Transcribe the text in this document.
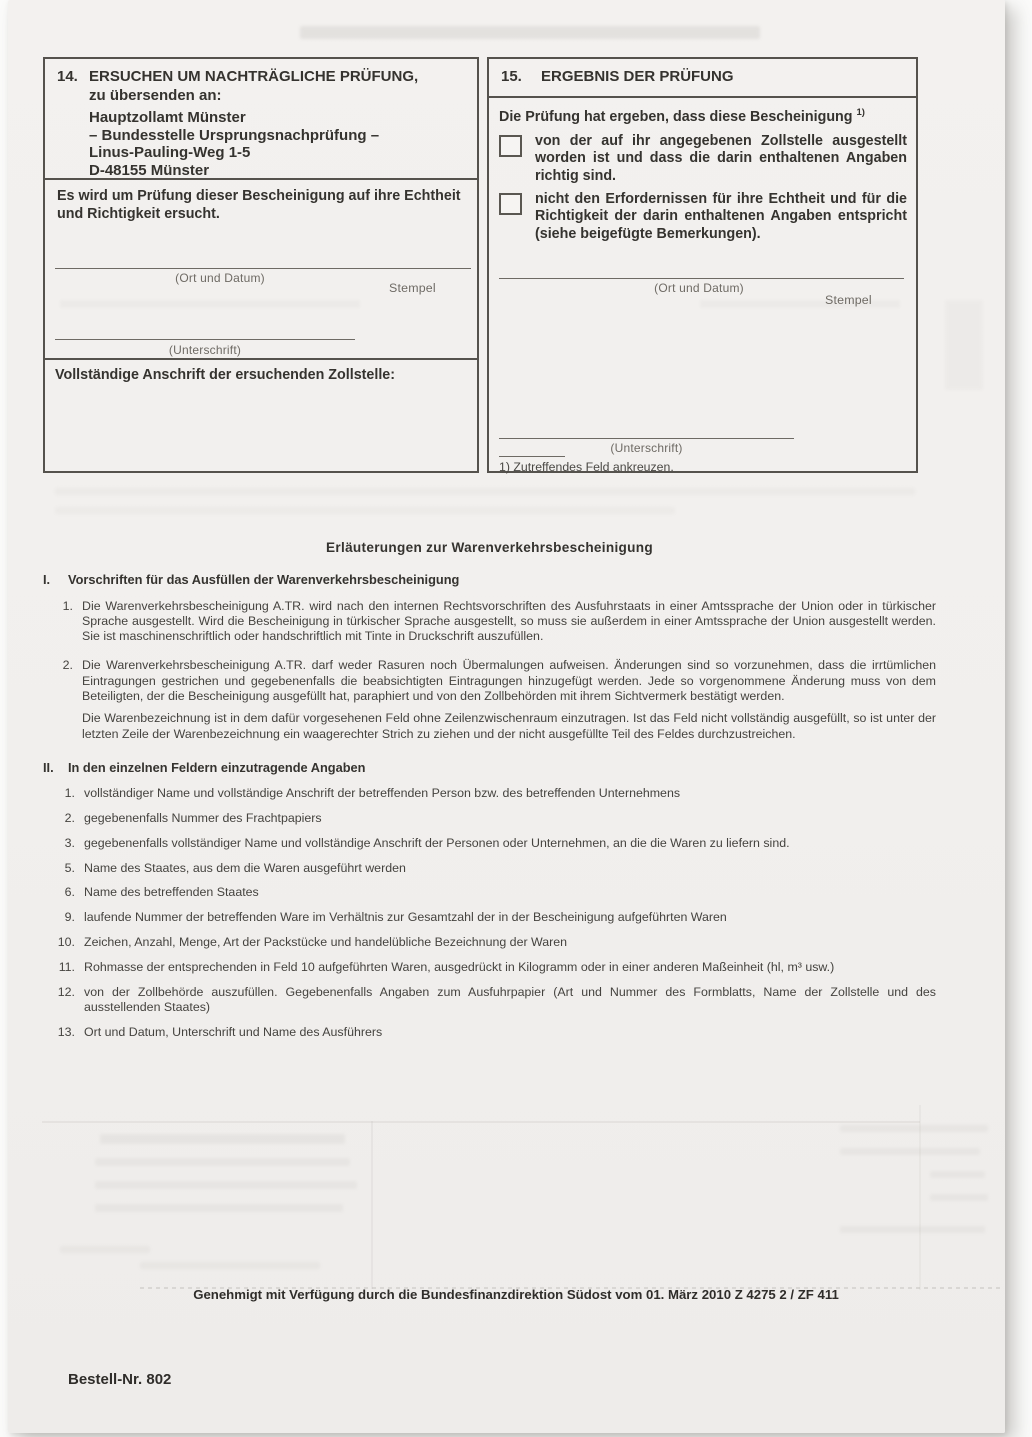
14. ERSUCHEN UM NACHTRÄGLICHE PRÜFUNG,
zu übersenden an:
Hauptzollamt Münster
– Bundesstelle Ursprungsnachprüfung –
Linus-Pauling-Weg 1-5
D-48155 Münster
Es wird um Prüfung dieser Bescheinigung auf ihre Echtheit und Richtigkeit ersucht.
(Ort und Datum)
Stempel
(Unterschrift)
Vollständige Anschrift der ersuchenden Zollstelle:
15.	ERGEBNIS DER PRÜFUNG
Die Prüfung hat ergeben, dass diese Bescheinigung $^{1)}$
von der auf ihr angegebenen Zollstelle ausgestellt worden ist und dass die darin enthaltenen Angaben richtig sind.
nicht den Erfordernissen für ihre Echtheit und für die Richtigkeit der darin enthaltenen Angaben entspricht (siehe beigefügte Bemerkungen).
(Ort und Datum)
Stempel
(Unterschrift)
1) Zutreffendes Feld ankreuzen.
Erläuterungen zur Warenverkehrsbescheinigung
I.	Vorschriften für das Ausfüllen der Warenverkehrsbescheinigung
1. Die Warenverkehrsbescheinigung A.TR. wird nach den internen Rechtsvorschriften des Ausfuhrstaats in einer Amtssprache der Union oder in türkischer Sprache ausgestellt. Wird die Bescheinigung in türkischer Sprache ausgestellt, so muss sie außerdem in einer Amtssprache der Union ausgestellt werden. Sie ist maschinenschriftlich oder handschriftlich mit Tinte in Druckschrift auszufüllen.
2. Die Warenverkehrsbescheinigung A.TR. darf weder Rasuren noch Übermalungen aufweisen. Änderungen sind so vorzunehmen, dass die irrtümlichen Eintragungen gestrichen und gegebenenfalls die beabsichtigten Eintragungen hinzugefügt werden. Jede so vorgenommene Änderung muss von dem Beteiligten, der die Bescheinigung ausgefüllt hat, paraphiert und von den Zollbehörden mit ihrem Sichtvermerk bestätigt werden.
Die Warenbezeichnung ist in dem dafür vorgesehenen Feld ohne Zeilenzwischenraum einzutragen. Ist das Feld nicht vollständig ausgefüllt, so ist unter der letzten Zeile der Warenbezeichnung ein waagerechter Strich zu ziehen und der nicht ausgefüllte Teil des Feldes durchzustreichen.
II.	In den einzelnen Feldern einzutragende Angaben
1. vollständiger Name und vollständige Anschrift der betreffenden Person bzw. des betreffenden Unternehmens
2. gegebenenfalls Nummer des Frachtpapiers
3. gegebenenfalls vollständiger Name und vollständige Anschrift der Personen oder Unternehmen, an die die Waren zu liefern sind.
5. Name des Staates, aus dem die Waren ausgeführt werden
6. Name des betreffenden Staates
9. laufende Nummer der betreffenden Ware im Verhältnis zur Gesamtzahl der in der Bescheinigung aufgeführten Waren
10. Zeichen, Anzahl, Menge, Art der Packstücke und handelübliche Bezeichnung der Waren
11. Rohmasse der entsprechenden in Feld 10 aufgeführten Waren, ausgedrückt in Kilogramm oder in einer anderen Maßeinheit (hl, m³ usw.)
12. von der Zollbehörde auszufüllen. Gegebenenfalls Angaben zum Ausfuhrpapier (Art und Nummer des Formblatts, Name der Zollstelle und des ausstellenden Staates)
13. Ort und Datum, Unterschrift und Name des Ausführers
Genehmigt mit Verfügung durch die Bundesfinanzdirektion Südost vom 01. März 2010 Z 4275 2 / ZF 411
Bestell-Nr. 802
